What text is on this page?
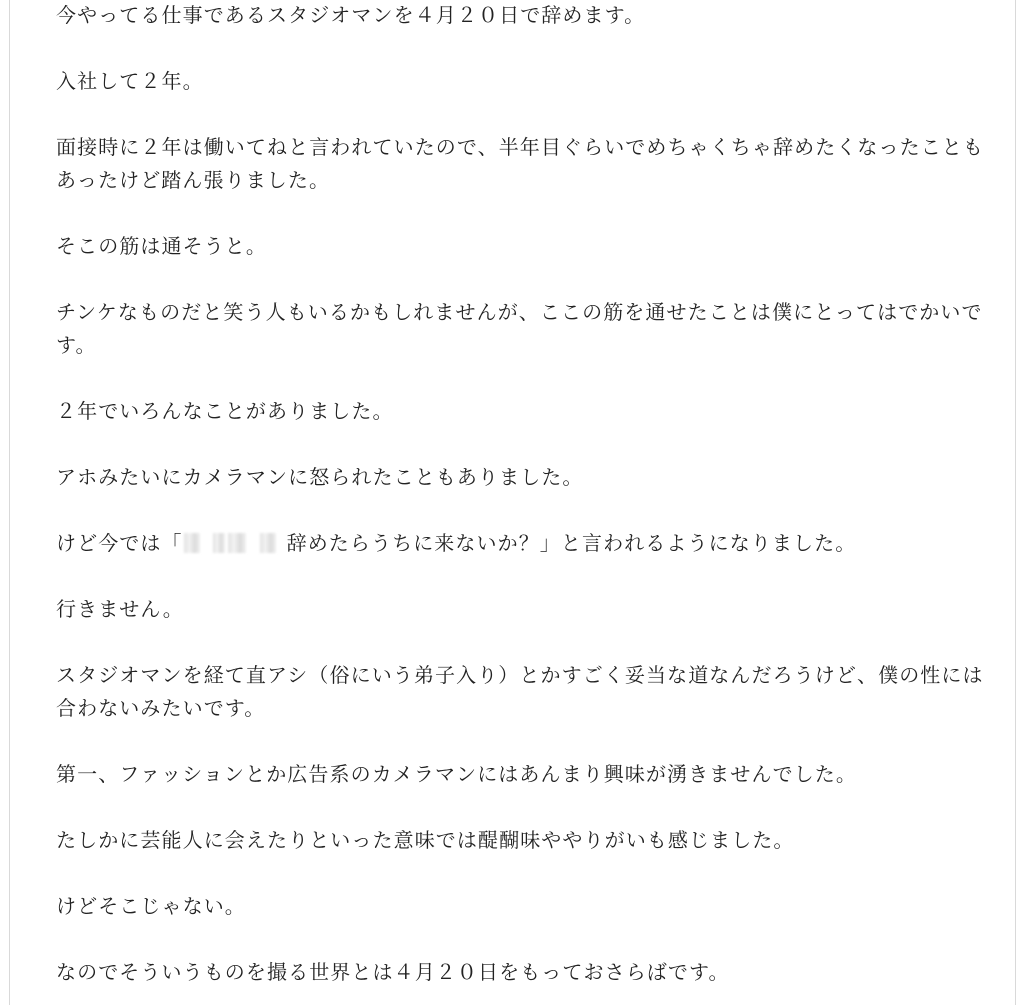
今やってる仕事であるスタジオマンを４月２０日で辞めます。

入社して２年。

面接時に２年は働いてねと言われていたので、半年目ぐらいでめちゃくちゃ辞めたくなったこともあったけど踏ん張りました。

そこの筋は通そうと。

チンケなものだと笑う人もいるかもしれませんが、ここの筋を通せたことは僕にとってはでかいです。

２年でいろんなことがありました。

アホみたいにカメラマンに怒られたこともありました。

けど今では「	辞めたらうちに来ないか？」と言われるようになりました。

行きません。

スタジオマンを経て直アシ（俗にいう弟子入り）とかすごく妥当な道なんだろうけど、僕の性には合わないみたいです。

第一、ファッションとか広告系のカメラマンにはあんまり興味が湧きませんでした。

たしかに芸能人に会えたりといった意味では醍醐味ややりがいも感じました。

けどそこじゃない。

なのでそういうものを撮る世界とは４月２０日をもっておさらばです。
